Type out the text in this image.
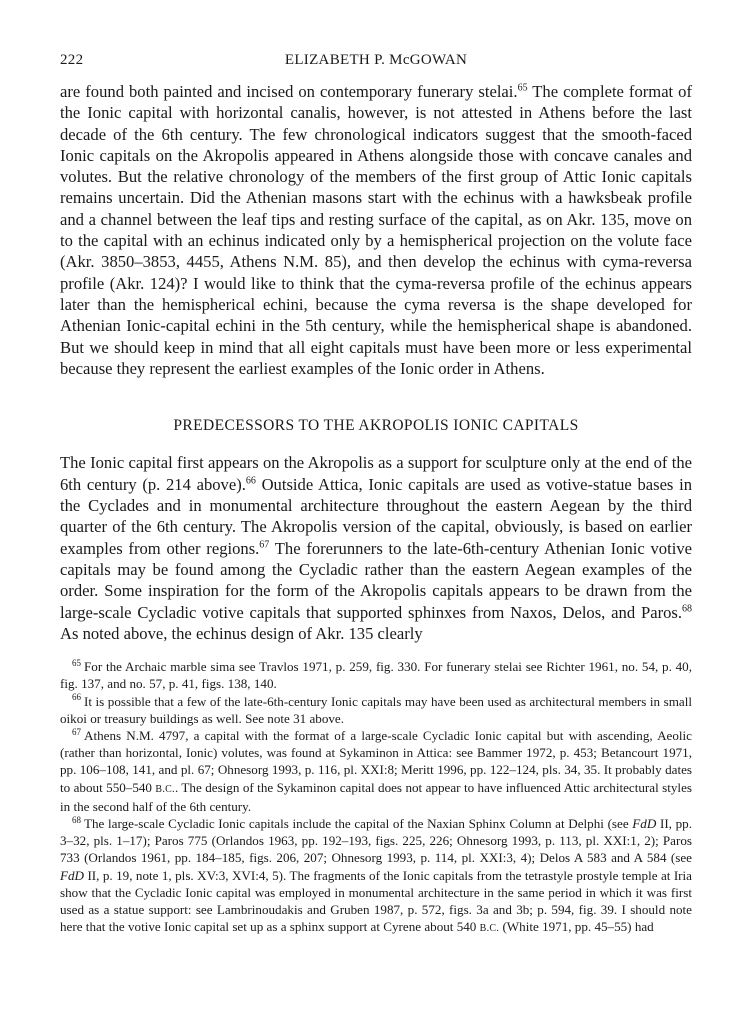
222	ELIZABETH P. McGOWAN

are found both painted and incised on contemporary funerary stelai.$^{65}$ The complete format of the Ionic capital with horizontal canalis, however, is not attested in Athens before the last decade of the 6th century. The few chronological indicators suggest that the smooth-faced Ionic capitals on the Akropolis appeared in Athens alongside those with concave canales and volutes. But the relative chronology of the members of the first group of Attic Ionic capitals remains uncertain. Did the Athenian masons start with the echinus with a hawksbeak profile and a channel between the leaf tips and resting surface of the capital, as on Akr. 135, move on to the capital with an echinus indicated only by a hemispherical projection on the volute face (Akr. 3850–3853, 4455, Athens N.M. 85), and then develop the echinus with cyma-reversa profile (Akr. 124)? I would like to think that the cyma-reversa profile of the echinus appears later than the hemispherical echini, because the cyma reversa is the shape developed for Athenian Ionic-capital echini in the 5th century, while the hemispherical shape is abandoned. But we should keep in mind that all eight capitals must have been more or less experimental because they represent the earliest examples of the Ionic order in Athens.

PREDECESSORS TO THE AKROPOLIS IONIC CAPITALS

The Ionic capital first appears on the Akropolis as a support for sculpture only at the end of the 6th century (p. 214 above).$^{66}$ Outside Attica, Ionic capitals are used as votive-statue bases in the Cyclades and in monumental architecture throughout the eastern Aegean by the third quarter of the 6th century. The Akropolis version of the capital, obviously, is based on earlier examples from other regions.$^{67}$ The forerunners to the late-6th-century Athenian Ionic votive capitals may be found among the Cycladic rather than the eastern Aegean examples of the order. Some inspiration for the form of the Akropolis capitals appears to be drawn from the large-scale Cycladic votive capitals that supported sphinxes from Naxos, Delos, and Paros.$^{68}$ As noted above, the echinus design of Akr. 135 clearly

$^{65}$ For the Archaic marble sima see Travlos 1971, p. 259, fig. 330. For funerary stelai see Richter 1961, no. 54, p. 40, fig. 137, and no. 57, p. 41, figs. 138, 140.

$^{66}$ It is possible that a few of the late-6th-century Ionic capitals may have been used as architectural members in small oikoi or treasury buildings as well. See note 31 above.

$^{67}$ Athens N.M. 4797, a capital with the format of a large-scale Cycladic Ionic capital but with ascending, Aeolic (rather than horizontal, Ionic) volutes, was found at Sykaminon in Attica: see Bammer 1972, p. 453; Betancourt 1971, pp. 106–108, 141, and pl. 67; Ohnesorg 1993, p. 116, pl. XXI:8; Meritt 1996, pp. 122–124, pls. 34, 35. It probably dates to about 550–540 B.C.. The design of the Sykaminon capital does not appear to have influenced Attic architectural styles in the second half of the 6th century.

$^{68}$ The large-scale Cycladic Ionic capitals include the capital of the Naxian Sphinx Column at Delphi (see FdD II, pp. 3–32, pls. 1–17); Paros 775 (Orlandos 1963, pp. 192–193, figs. 225, 226; Ohnesorg 1993, p. 113, pl. XXI:1, 2); Paros 733 (Orlandos 1961, pp. 184–185, figs. 206, 207; Ohnesorg 1993, p. 114, pl. XXI:3, 4); Delos A 583 and A 584 (see FdD II, p. 19, note 1, pls. XV:3, XVI:4, 5). The fragments of the Ionic capitals from the tetrastyle prostyle temple at Iria show that the Cycladic Ionic capital was employed in monumental architecture in the same period in which it was first used as a statue support: see Lambrinoudakis and Gruben 1987, p. 572, figs. 3a and 3b; p. 594, fig. 39. I should note here that the votive Ionic capital set up as a sphinx support at Cyrene about 540 B.C. (White 1971, pp. 45–55) had
